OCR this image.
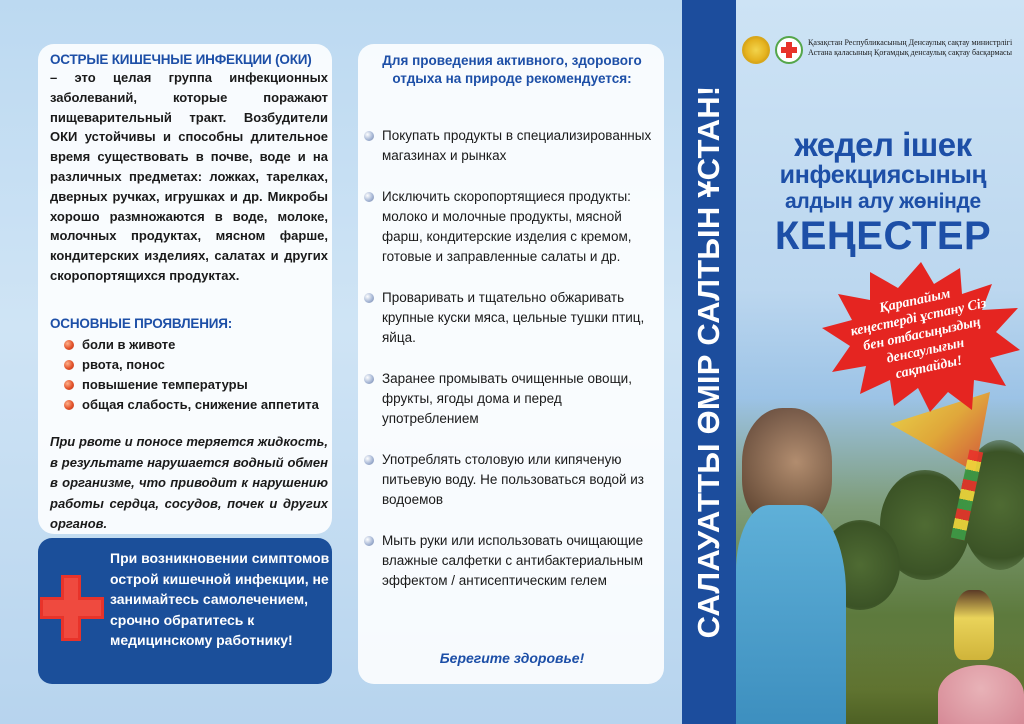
ОСТРЫЕ КИШЕЧНЫЕ ИНФЕКЦИИ (ОКИ)
– это целая группа инфекционных заболеваний, которые поражают пищеварительный тракт. Возбудители ОКИ устойчивы и способны длительное время существовать в почве, воде и на различных предметах: ложках, тарелках, дверных ручках, игрушках и др. Микробы хорошо размножаются в воде, молоке, молочных продуктах, мясном фарше, кондитерских изделиях, салатах и других скоропортящихся продуктах.
ОСНОВНЫЕ ПРОЯВЛЕНИЯ:
боли в животе
рвота, понос
повышение температуры
общая слабость, снижение аппетита
При рвоте и поносе теряется жидкость, в результате нарушается водный обмен в организме, что приводит к нарушению работы сердца, сосудов, почек и других органов.
При возникновении симптомов острой кишечной инфекции, не занимайтесь самолечением, срочно обратитесь к медицинскому работнику!
Для проведения активного, здорового отдыха на природе рекомендуется:
Покупать продукты в специализированных магазинах и рынках
Исключить скоропортящиеся продукты: молоко и молочные продукты, мясной фарш, кондитерские изделия с кремом, готовые и заправленные салаты и др.
Проваривать и тщательно обжаривать крупные куски мяса, цельные тушки птиц, яйца.
Заранее промывать очищенные овощи, фрукты, ягоды дома и перед употреблением
Употреблять столовую или кипяченую питьевую воду. Не пользоваться водой из водоемов
Мыть руки или использовать очищающие влажные салфетки с антибактериальным эффектом / антисептическим гелем
Берегите здоровье!
САЛАУАТТЫ ӨМІР САЛТЫН ҰСТАН!
Қазақстан Республикасының Денсаулық сақтау министрлігі
Астана қаласының Қоғамдық денсаулық сақтау басқармасы
жедел ішек
инфекциясының
алдын алу жөнінде
КЕҢЕСТЕР
Қарапайым кеңестерді ұстану Сіз бен отбасыңыздың денсаулығын сақтайды!
